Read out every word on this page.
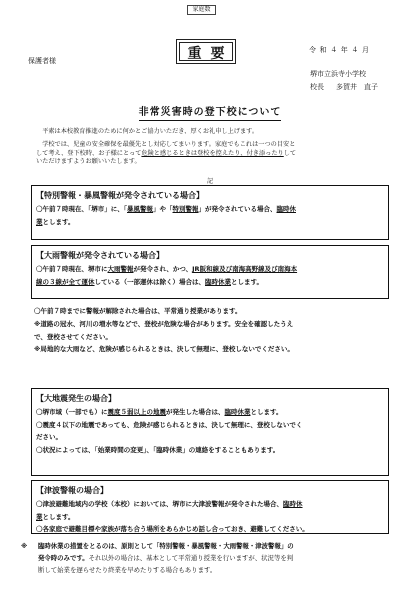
家庭数
重要	令和４年４月
保護者様
堺市立浜寺小学校
校長 多賀井　直子
非常災害時の登下校について
　平素は本校教育推進のために何かとご協力いただき、厚くお礼申し上げます。
　学校では、児童の安全確保を最優先とし対応してまいります。家庭でもこれは一つの目安と
して考え、登下校時、お子様にとって危険と感じるときは登校を控えたり、付き添ったりして
いただけますようお願いいたします。
記
【特別警報・暴風警報が発令されている場合】
〇午前７時現在、「堺市」に、「暴風警報」や「特別警報」が発令されている場合、臨時休
業とします。
【大雨警報が発令されている場合】
〇午前７時現在、堺市に大雨警報が発令され、かつ、JR阪和線及び南海高野線及び南海本
線の３線が全て運休している（一部運休は除く）場合は、臨時休業とします。
〇午前７時までに警報が解除された場合は、平常通り授業があります。
※道路の冠水、河川の増水等などで、登校が危険な場合があります。安全を確認したうえ
で、登校させてください。
※局地的な大雨など、危険が感じられるときは、決して無理に、登校しないでください。
【大地震発生の場合】
〇堺市域（一部でも）に震度５弱以上の地震が発生した場合は、臨時休業とします。
〇震度４以下の地震であっても、危険が感じられるときは、決して無理に、登校しないでく
ださい。
〇状況によっては、「始業時間の変更」、「臨時休業」の連絡をすることもあります。
【津波警報の場合】
〇津波避難地域内の学校（本校）においては、堺市に大津波警報が発令された場合、臨時休
業とします。
〇各家庭で避難目標や家族が落ち合う場所をあらかじめ話し合っておき、避難してください。
※ 臨時休業の措置をとるのは、原則として「特別警報・暴風警報・大雨警報・津波警報」の
発令時のみです。それ以外の場合は、基本として平常通り授業を行いますが、状況等を判
断して始業を遅らせたり終業を早めたりする場合もあります。
